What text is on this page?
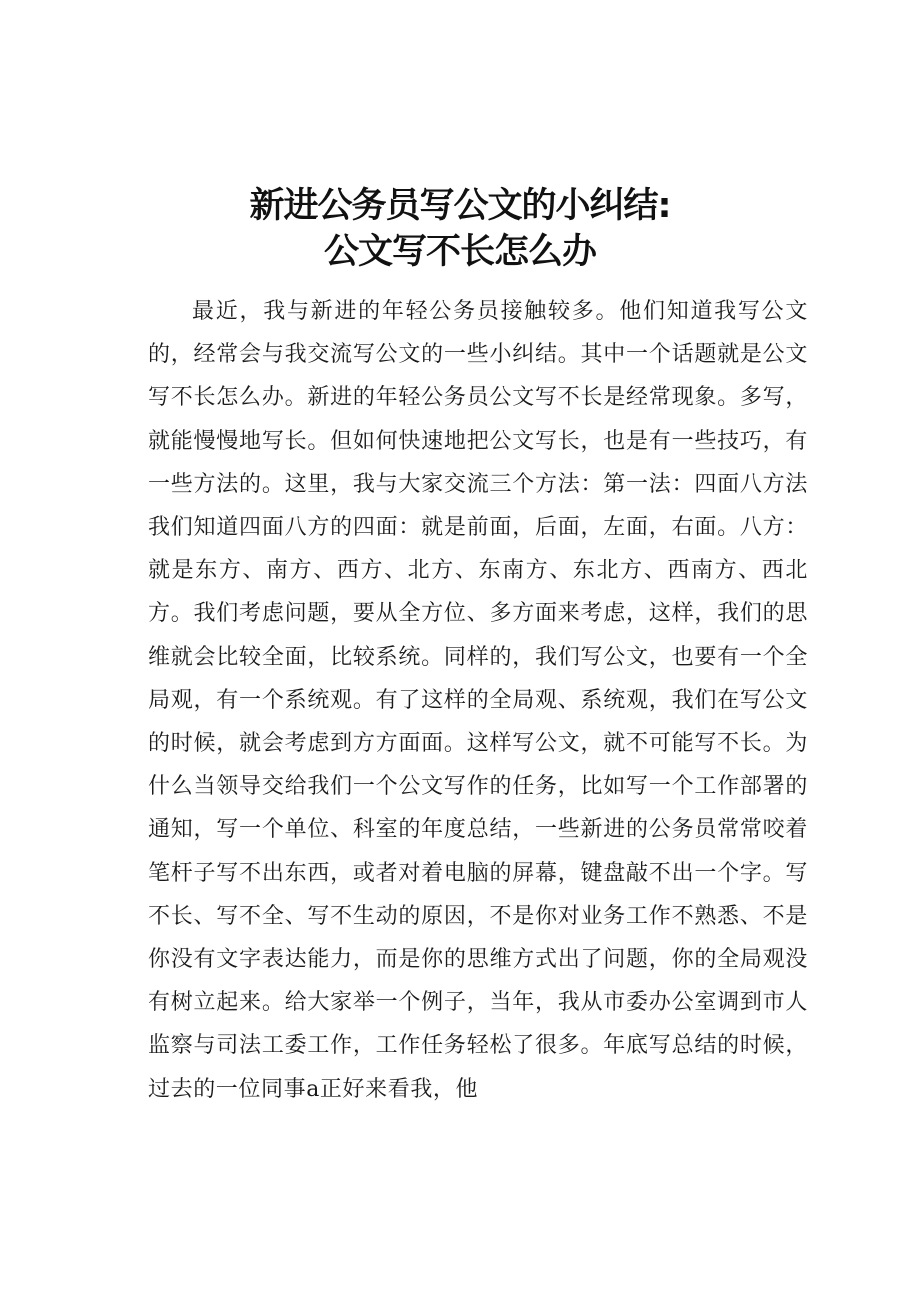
新进公务员写公文的小纠结:
公文写不长怎么办

最近，我与新进的年轻公务员接触较多。他们知道我写公文的，经常会与我交流写公文的一些小纠结。其中一个话题就是公文写不长怎么办。新进的年轻公务员公文写不长是经常现象。多写，就能慢慢地写长。但如何快速地把公文写长，也是有一些技巧，有一些方法的。这里，我与大家交流三个方法：第一法：四面八方法我们知道四面八方的四面：就是前面，后面，左面，右面。八方：就是东方、南方、西方、北方、东南方、东北方、西南方、西北方。我们考虑问题，要从全方位、多方面来考虑，这样，我们的思维就会比较全面，比较系统。同样的，我们写公文，也要有一个全局观，有一个系统观。有了这样的全局观、系统观，我们在写公文的时候，就会考虑到方方面面。这样写公文，就不可能写不长。为什么当领导交给我们一个公文写作的任务，比如写一个工作部署的通知，写一个单位、科室的年度总结，一些新进的公务员常常咬着笔杆子写不出东西，或者对着电脑的屏幕，键盘敲不出一个字。写不长、写不全、写不生动的原因，不是你对业务工作不熟悉、不是你没有文字表达能力，而是你的思维方式出了问题，你的全局观没有树立起来。给大家举一个例子，当年，我从市委办公室调到市人监察与司法工委工作，工作任务轻松了很多。年底写总结的时候，过去的一位同事a正好来看我，他
